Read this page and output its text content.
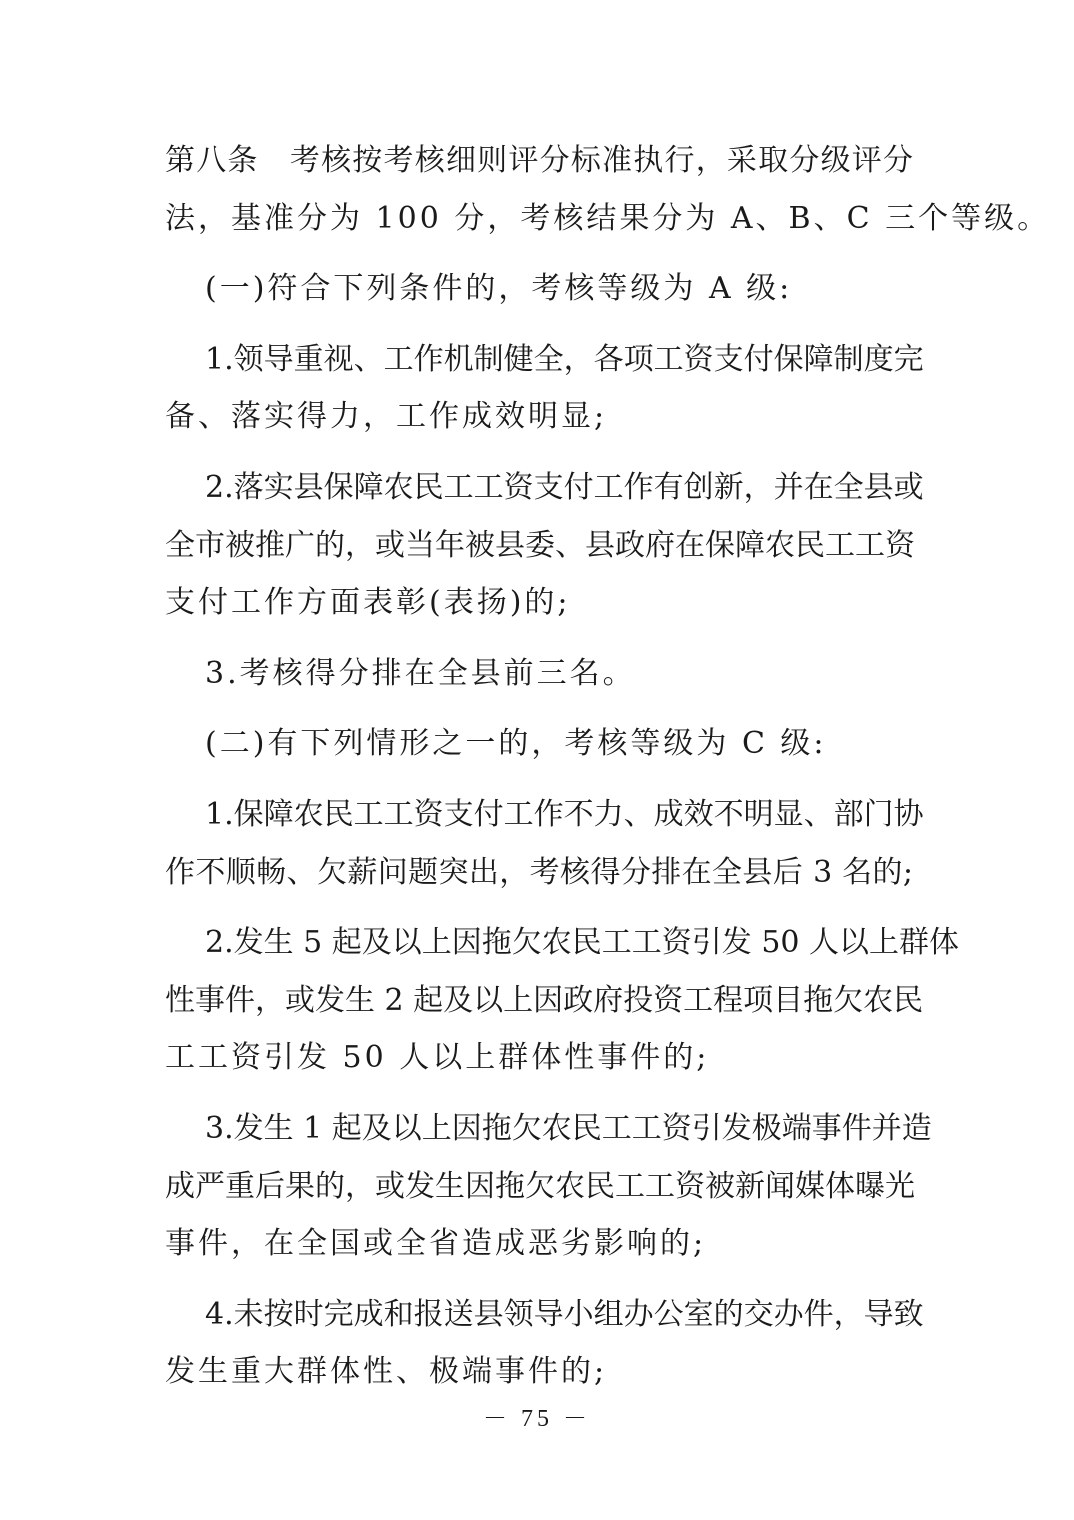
第八条　考核按考核细则评分标准执行，采取分级评分
法，基准分为 100 分，考核结果分为 A、B、C 三个等级。
(一)符合下列条件的，考核等级为 A 级:
1.领导重视、工作机制健全，各项工资支付保障制度完
备、落实得力，工作成效明显;
2.落实县保障农民工工资支付工作有创新，并在全县或
全市被推广的，或当年被县委、县政府在保障农民工工资
支付工作方面表彰(表扬)的;
3.考核得分排在全县前三名。
(二)有下列情形之一的，考核等级为 C 级:
1.保障农民工工资支付工作不力、成效不明显、部门协
作不顺畅、欠薪问题突出，考核得分排在全县后 3 名的;
2.发生 5 起及以上因拖欠农民工工资引发 50 人以上群体
性事件，或发生 2 起及以上因政府投资工程项目拖欠农民
工工资引发 50 人以上群体性事件的;
3.发生 1 起及以上因拖欠农民工工资引发极端事件并造
成严重后果的，或发生因拖欠农民工工资被新闻媒体曝光
事件，在全国或全省造成恶劣影响的;
4.未按时完成和报送县领导小组办公室的交办件，导致
发生重大群体性、极端事件的;
－ 75 －
